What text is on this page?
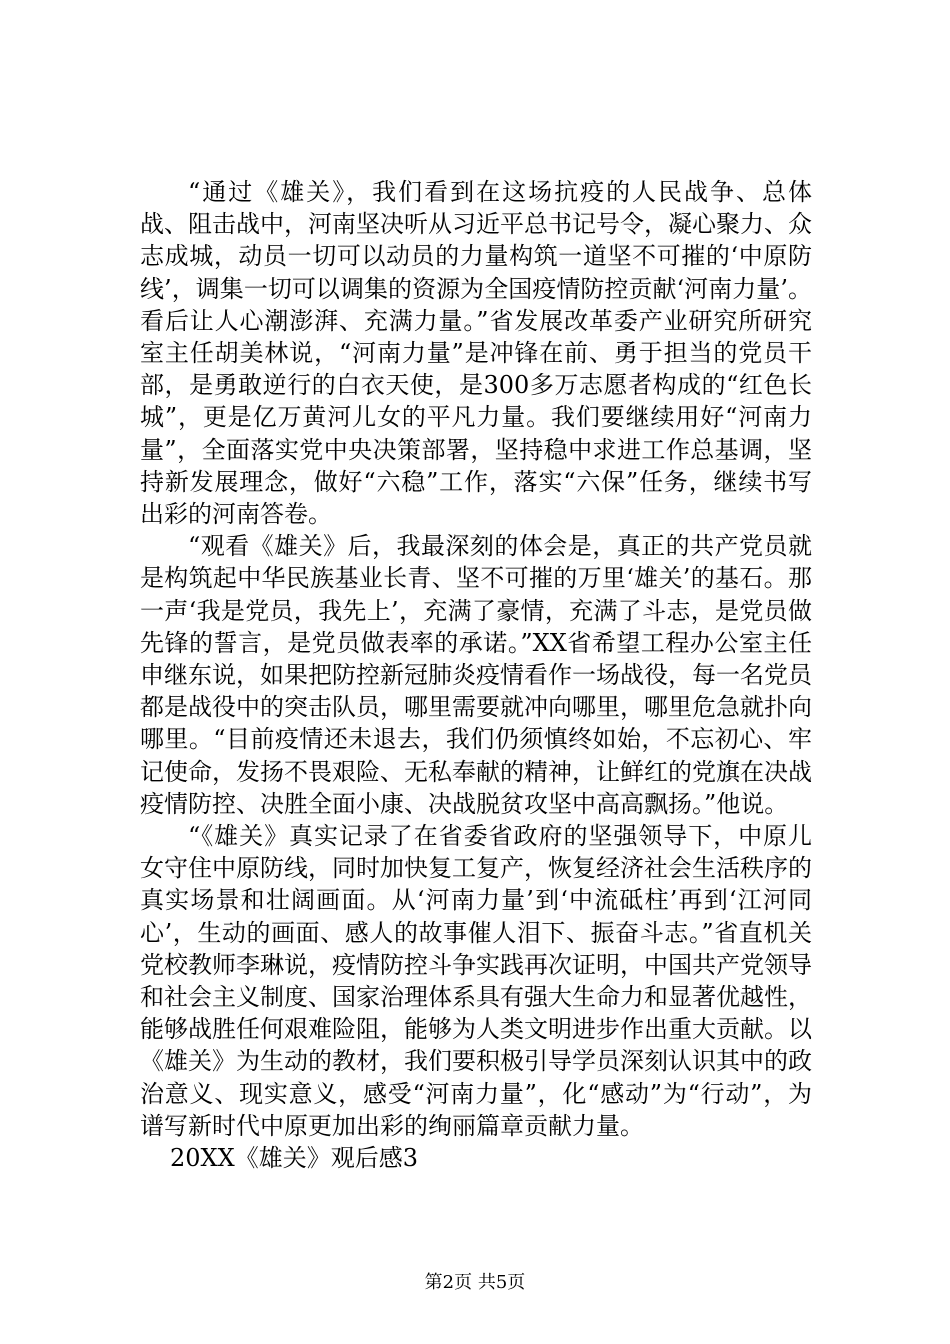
“通过《雄关》，我们看到在这场抗疫的人民战争、总体战、阻击战中，河南坚决听从习近平总书记号令，凝心聚力、众志成城，动员一切可以动员的力量构筑一道坚不可摧的‘中原防线’，调集一切可以调集的资源为全国疫情防控贡献‘河南力量’。看后让人心潮澎湃、充满力量。”省发展改革委产业研究所研究室主任胡美林说，“河南力量”是冲锋在前、勇于担当的党员干部，是勇敢逆行的白衣天使，是300多万志愿者构成的“红色长城”，更是亿万黄河儿女的平凡力量。我们要继续用好“河南力量”，全面落实党中央决策部署，坚持稳中求进工作总基调，坚持新发展理念，做好“六稳”工作，落实“六保”任务，继续书写出彩的河南答卷。

“观看《雄关》后，我最深刻的体会是，真正的共产党员就是构筑起中华民族基业长青、坚不可摧的万里‘雄关’的基石。那一声‘我是党员，我先上’，充满了豪情，充满了斗志，是党员做先锋的誓言，是党员做表率的承诺。”XX省希望工程办公室主任申继东说，如果把防控新冠肺炎疫情看作一场战役，每一名党员都是战役中的突击队员，哪里需要就冲向哪里，哪里危急就扑向哪里。“目前疫情还未退去，我们仍须慎终如始，不忘初心、牢记使命，发扬不畏艰险、无私奉献的精神，让鲜红的党旗在决战疫情防控、决胜全面小康、决战脱贫攻坚中高高飘扬。”他说。

“《雄关》真实记录了在省委省政府的坚强领导下，中原儿女守住中原防线，同时加快复工复产，恢复经济社会生活秩序的真实场景和壮阔画面。从‘河南力量’到‘中流砥柱’再到‘江河同心’，生动的画面、感人的故事催人泪下、振奋斗志。”省直机关党校教师李琳说，疫情防控斗争实践再次证明，中国共产党领导和社会主义制度、国家治理体系具有强大生命力和显著优越性，能够战胜任何艰难险阻，能够为人类文明进步作出重大贡献。以《雄关》为生动的教材，我们要积极引导学员深刻认识其中的政治意义、现实意义，感受“河南力量”，化“感动”为“行动”，为谱写新时代中原更加出彩的绚丽篇章贡献力量。

20XX《雄关》观后感3

第2页 共5页
